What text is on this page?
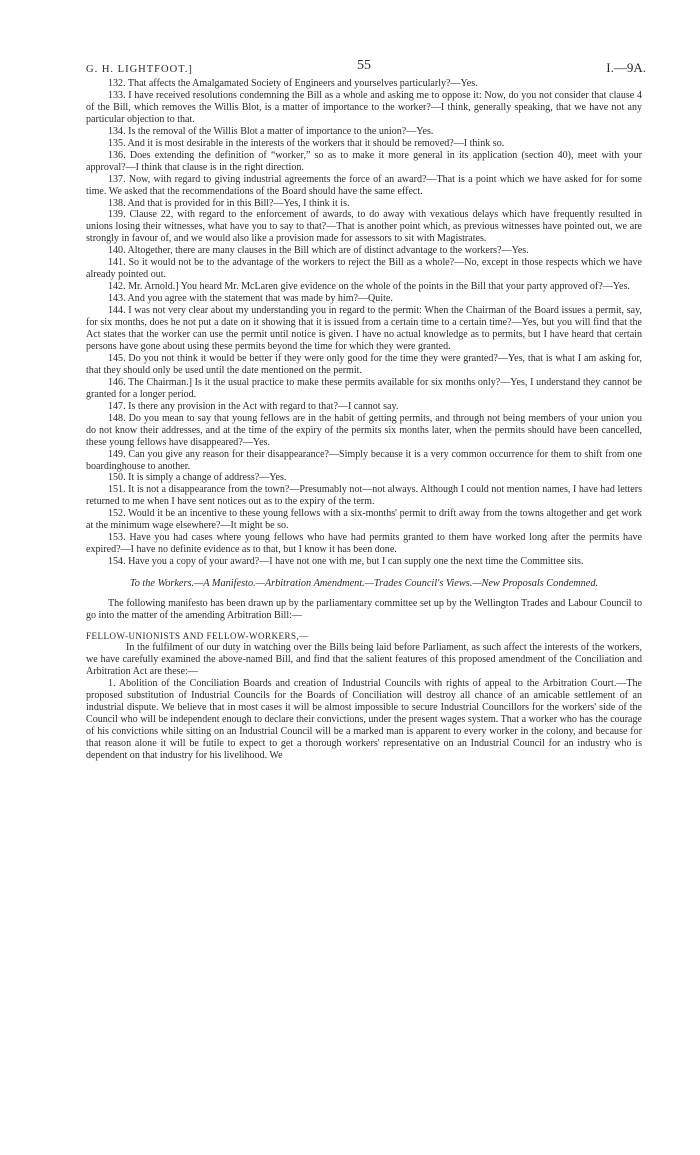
G. H. LIGHTFOOT.]	55	I.—9A.

132. That affects the Amalgamated Society of Engineers and yourselves particularly?—Yes.

133. I have received resolutions condemning the Bill as a whole and asking me to oppose it: Now, do you not consider that clause 4 of the Bill, which removes the Willis Blot, is a matter of importance to the worker?—I think, generally speaking, that we have not any particular objection to that.

134. Is the removal of the Willis Blot a matter of importance to the union?—Yes.

135. And it is most desirable in the interests of the workers that it should be removed?—I think so.

136. Does extending the definition of “worker,” so as to make it more general in its application (section 40), meet with your approval?—I think that clause is in the right direction.

137. Now, with regard to giving industrial agreements the force of an award?—That is a point which we have asked for for some time. We asked that the recommendations of the Board should have the same effect.

138. And that is provided for in this Bill?—Yes, I think it is.

139. Clause 22, with regard to the enforcement of awards, to do away with vexatious delays which have frequently resulted in unions losing their witnesses, what have you to say to that?—That is another point which, as previous witnesses have pointed out, we are strongly in favour of, and we would also like a provision made for assessors to sit with Magistrates.

140. Altogether, there are many clauses in the Bill which are of distinct advantage to the workers?—Yes.

141. So it would not be to the advantage of the workers to reject the Bill as a whole?—No, except in those respects which we have already pointed out.

142. Mr. Arnold.] You heard Mr. McLaren give evidence on the whole of the points in the Bill that your party approved of?—Yes.

143. And you agree with the statement that was made by him?—Quite.

144. I was not very clear about my understanding you in regard to the permit: When the Chairman of the Board issues a permit, say, for six months, does he not put a date on it showing that it is issued from a certain time to a certain time?—Yes, but you will find that the Act states that the worker can use the permit until notice is given. I have no actual knowledge as to permits, but I have heard that certain persons have gone about using these permits beyond the time for which they were granted.

145. Do you not think it would be better if they were only good for the time they were granted?—Yes, that is what I am asking for, that they should only be used until the date mentioned on the permit.

146. The Chairman.] Is it the usual practice to make these permits available for six months only?—Yes, I understand they cannot be granted for a longer period.

147. Is there any provision in the Act with regard to that?—I cannot say.

148. Do you mean to say that young fellows are in the habit of getting permits, and through not being members of your union you do not know their addresses, and at the time of the expiry of the permits six months later, when the permits should have been cancelled, these young fellows have disappeared?—Yes.

149. Can you give any reason for their disappearance?—Simply because it is a very common occurrence for them to shift from one boardinghouse to another.

150. It is simply a change of address?—Yes.

151. It is not a disappearance from the town?—Presumably not—not always. Although I could not mention names, I have had letters returned to me when I have sent notices out as to the expiry of the term.

152. Would it be an incentive to these young fellows with a six-months' permit to drift away from the towns altogether and get work at the minimum wage elsewhere?—It might be so.

153. Have you had cases where young fellows who have had permits granted to them have worked long after the permits have expired?—I have no definite evidence as to that, but I know it has been done.

154. Have you a copy of your award?—I have not one with me, but I can supply one the next time the Committee sits.

To the Workers.—A Manifesto.—Arbitration Amendment.—Trades Council's Views.—New Proposals Condemned.

The following manifesto has been drawn up by the parliamentary committee set up by the Wellington Trades and Labour Council to go into the matter of the amending Arbitration Bill:—

FELLOW-UNIONISTS AND FELLOW-WORKERS,—

In the fulfilment of our duty in watching over the Bills being laid before Parliament, as such affect the interests of the workers, we have carefully examined the above-named Bill, and find that the salient features of this proposed amendment of the Conciliation and Arbitration Act are these:—

1. Abolition of the Conciliation Boards and creation of Industrial Councils with rights of appeal to the Arbitration Court.—The proposed substitution of Industrial Councils for the Boards of Conciliation will destroy all chance of an amicable settlement of an industrial dispute. We believe that in most cases it will be almost impossible to secure Industrial Councillors for the workers' side of the Council who will be independent enough to declare their convictions, under the present wages system. That a worker who has the courage of his convictions while sitting on an Industrial Council will be a marked man is apparent to every worker in the colony, and because for that reason alone it will be futile to expect to get a thorough workers' representative on an Industrial Council for an industry who is dependent on that industry for his livelihood. We
